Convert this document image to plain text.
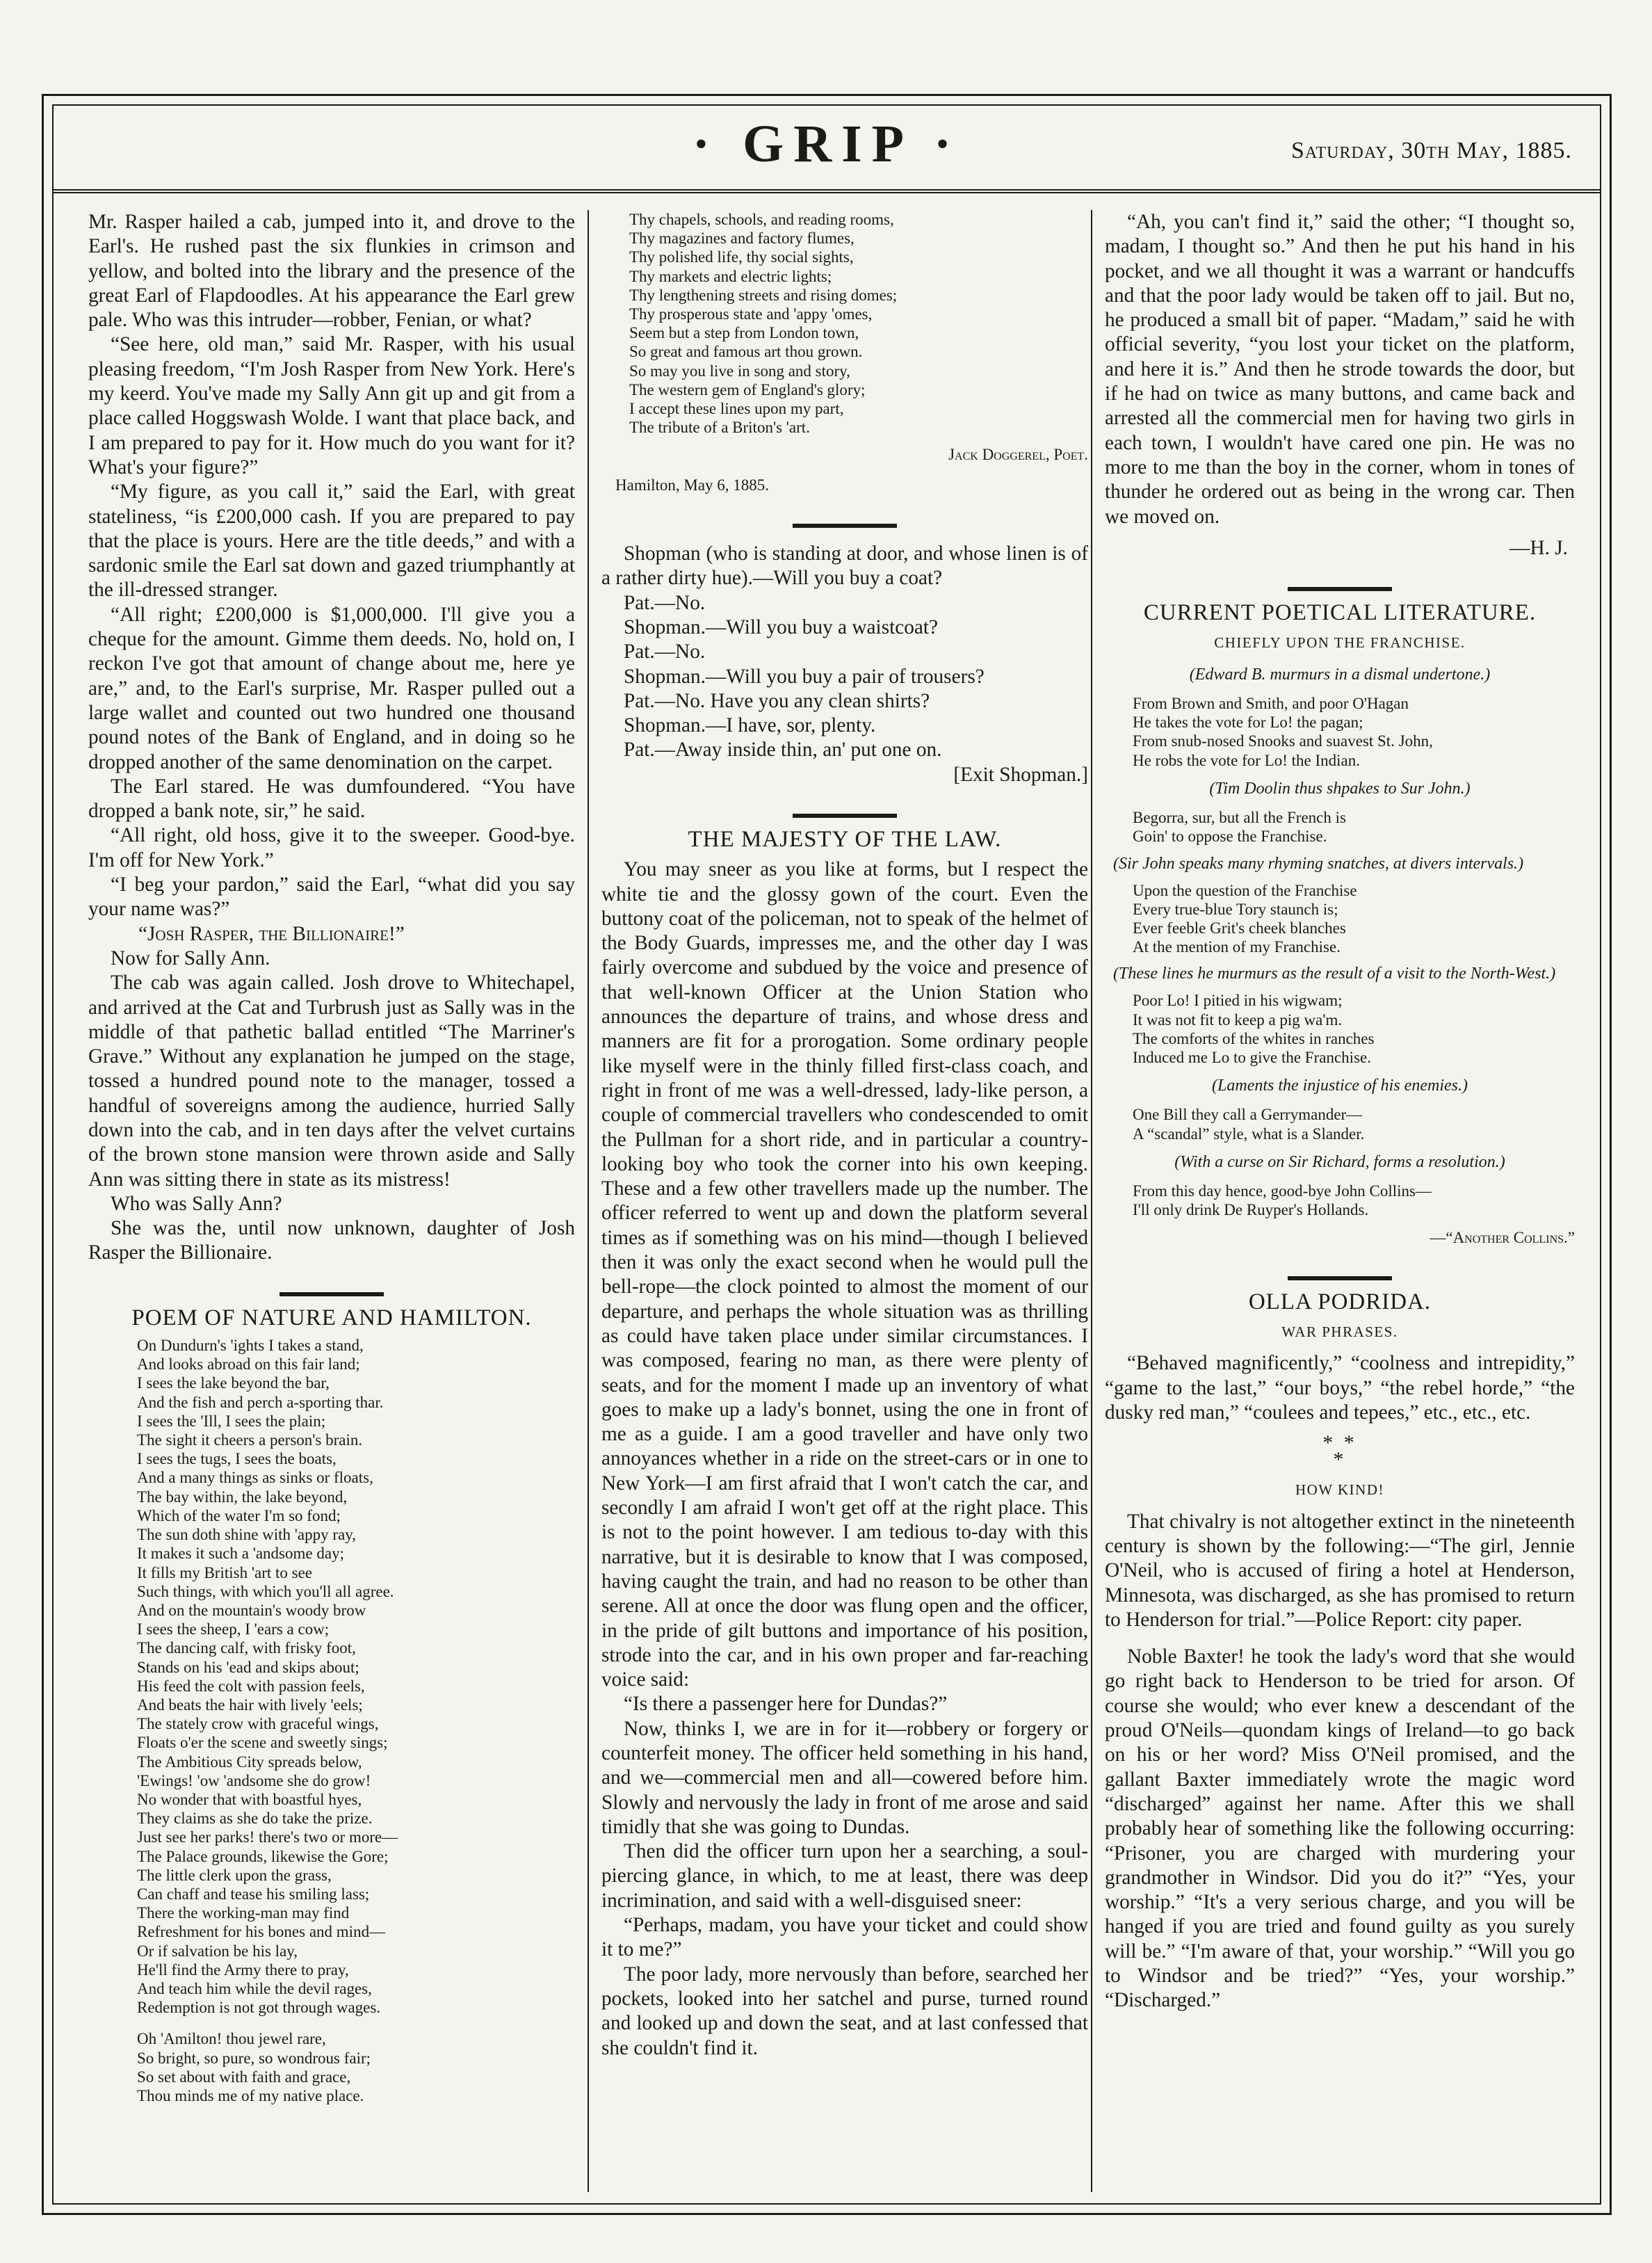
· GRIP ·	Saturday, 30th May, 1885.

Mr. Rasper hailed a cab, jumped into it, and drove to the Earl's. He rushed past the six flunkies in crimson and yellow, and bolted into the library and the presence of the great Earl of Flapdoodles. At his appearance the Earl grew pale. Who was this intruder—robber, Fenian, or what?

“See here, old man,” said Mr. Rasper, with his usual pleasing freedom, “I'm Josh Rasper from New York. Here's my keerd. You've made my Sally Ann git up and git from a place called Hoggswash Wolde. I want that place back, and I am prepared to pay for it. How much do you want for it? What's your figure?”

“My figure, as you call it,” said the Earl, with great stateliness, “is £200,000 cash. If you are prepared to pay that the place is yours. Here are the title deeds,” and with a sardonic smile the Earl sat down and gazed triumphantly at the ill-dressed stranger.

“All right; £200,000 is $1,000,000. I'll give you a cheque for the amount. Gimme them deeds. No, hold on, I reckon I've got that amount of change about me, here ye are,” and, to the Earl's surprise, Mr. Rasper pulled out a large wallet and counted out two hundred one thousand pound notes of the Bank of England, and in doing so he dropped another of the same denomination on the carpet.

The Earl stared. He was dumfoundered. “You have dropped a bank note, sir,” he said.

“All right, old hoss, give it to the sweeper. Good-bye. I'm off for New York.”

“I beg your pardon,” said the Earl, “what did you say your name was?”

“Josh Rasper, the Billionaire!”

Now for Sally Ann.

The cab was again called. Josh drove to Whitechapel, and arrived at the Cat and Turbrush just as Sally was in the middle of that pathetic ballad entitled “The Marriner's Grave.” Without any explanation he jumped on the stage, tossed a hundred pound note to the manager, tossed a handful of sovereigns among the audience, hurried Sally down into the cab, and in ten days after the velvet curtains of the brown stone mansion were thrown aside and Sally Ann was sitting there in state as its mistress!

Who was Sally Ann?

She was the, until now unknown, daughter of Josh Rasper the Billionaire.

POEM OF NATURE AND HAMILTON.
On Dundurn's 'ights I takes a stand,
And looks abroad on this fair land;
I sees the lake beyond the bar,
And the fish and perch a-sporting thar.
I sees the 'Ill, I sees the plain;
The sight it cheers a person's brain.
I sees the tugs, I sees the boats,
And a many things as sinks or floats,
The bay within, the lake beyond,
Which of the water I'm so fond;
The sun doth shine with 'appy ray,
It makes it such a 'andsome day;
It fills my British 'art to see
Such things, with which you'll all agree.
And on the mountain's woody brow
I sees the sheep, I 'ears a cow;
The dancing calf, with frisky foot,
Stands on his 'ead and skips about;
His feed the colt with passion feels,
And beats the hair with lively 'eels;
The stately crow with graceful wings,
Floats o'er the scene and sweetly sings;
The Ambitious City spreads below,
'Ewings! 'ow 'andsome she do grow!
No wonder that with boastful hyes,
They claims as she do take the prize.
Just see her parks! there's two or more—
The Palace grounds, likewise the Gore;
The little clerk upon the grass,
Can chaff and tease his smiling lass;
There the working-man may find
Refreshment for his bones and mind—
Or if salvation be his lay,
He'll find the Army there to pray,
And teach him while the devil rages,
Redemption is not got through wages.
Oh 'Amilton! thou jewel rare,
So bright, so pure, so wondrous fair;
So set about with faith and grace,
Thou minds me of my native place.
Thy chapels, schools, and reading rooms,
Thy magazines and factory flumes,
Thy polished life, thy social sights,
Thy markets and electric lights;
Thy lengthening streets and rising domes;
Thy prosperous state and 'appy 'omes,
Seem but a step from London town,
So great and famous art thou grown.
So may you live in song and story,
The western gem of England's glory;
I accept these lines upon my part,
The tribute of a Briton's 'art.
Jack Doggerel, Poet.
Hamilton, May 6, 1885.

Shopman (who is standing at door, and whose linen is of a rather dirty hue).—Will you buy a coat?

Pat.—No.

Shopman.—Will you buy a waistcoat?

Pat.—No.

Shopman.—Will you buy a pair of trousers?

Pat.—No. Have you any clean shirts?

Shopman.—I have, sor, plenty.

Pat.—Away inside thin, an' put one on.

[Exit Shopman.]

THE MAJESTY OF THE LAW.

You may sneer as you like at forms, but I respect the white tie and the glossy gown of the court. Even the buttony coat of the policeman, not to speak of the helmet of the Body Guards, impresses me, and the other day I was fairly overcome and subdued by the voice and presence of that well-known Officer at the Union Station who announces the departure of trains, and whose dress and manners are fit for a prorogation. Some ordinary people like myself were in the thinly filled first-class coach, and right in front of me was a well-dressed, lady-like person, a couple of commercial travellers who condescended to omit the Pullman for a short ride, and in particular a country-looking boy who took the corner into his own keeping. These and a few other travellers made up the number. The officer referred to went up and down the platform several times as if something was on his mind—though I believed then it was only the exact second when he would pull the bell-rope—the clock pointed to almost the moment of our departure, and perhaps the whole situation was as thrilling as could have taken place under similar circumstances. I was composed, fearing no man, as there were plenty of seats, and for the moment I made up an inventory of what goes to make up a lady's bonnet, using the one in front of me as a guide. I am a good traveller and have only two annoyances whether in a ride on the street-cars or in one to New York—I am first afraid that I won't catch the car, and secondly I am afraid I won't get off at the right place. This is not to the point however. I am tedious to-day with this narrative, but it is desirable to know that I was composed, having caught the train, and had no reason to be other than serene. All at once the door was flung open and the officer, in the pride of gilt buttons and importance of his position, strode into the car, and in his own proper and far-reaching voice said:

“Is there a passenger here for Dundas?”

Now, thinks I, we are in for it—robbery or forgery or counterfeit money. The officer held something in his hand, and we—commercial men and all—cowered before him. Slowly and nervously the lady in front of me arose and said timidly that she was going to Dundas.

Then did the officer turn upon her a searching, a soul-piercing glance, in which, to me at least, there was deep incrimination, and said with a well-disguised sneer:

“Perhaps, madam, you have your ticket and could show it to me?”

The poor lady, more nervously than before, searched her pockets, looked into her satchel and purse, turned round and looked up and down the seat, and at last confessed that she couldn't find it.

“Ah, you can't find it,” said the other; “I thought so, madam, I thought so.” And then he put his hand in his pocket, and we all thought it was a warrant or handcuffs and that the poor lady would be taken off to jail. But no, he produced a small bit of paper. “Madam,” said he with official severity, “you lost your ticket on the platform, and here it is.” And then he strode towards the door, but if he had on twice as many buttons, and came back and arrested all the commercial men for having two girls in each town, I wouldn't have cared one pin. He was no more to me than the boy in the corner, whom in tones of thunder he ordered out as being in the wrong car. Then we moved on.

—H. J.

CURRENT POETICAL LITERATURE.
CHIEFLY UPON THE FRANCHISE.

(Edward B. murmurs in a dismal undertone.)

From Brown and Smith, and poor O'Hagan
He takes the vote for Lo! the pagan;
From snub-nosed Snooks and suavest St. John,
He robs the vote for Lo! the Indian.

(Tim Doolin thus shpakes to Sur John.)

Begorra, sur, but all the French is
Goin' to oppose the Franchise.

(Sir John speaks many rhyming snatches, at divers intervals.)

Upon the question of the Franchise
Every true-blue Tory staunch is;
Ever feeble Grit's cheek blanches
At the mention of my Franchise.

(These lines he murmurs as the result of a visit to the North-West.)

Poor Lo! I pitied in his wigwam;
It was not fit to keep a pig wa'm.
The comforts of the whites in ranches
Induced me Lo to give the Franchise.

(Laments the injustice of his enemies.)

One Bill they call a Gerrymander—
A “scandal” style, what is a Slander.

(With a curse on Sir Richard, forms a resolution.)

From this day hence, good-bye John Collins—
I'll only drink De Ruyper's Hollands.
—“Another Collins.”
OLLA PODRIDA.
WAR PHRASES.

“Behaved magnificently,” “coolness and intrepidity,” “game to the last,” “our boys,” “the rebel horde,” “the dusky red man,” “coulees and tepees,” etc., etc., etc.

* *
*
HOW KIND!

That chivalry is not altogether extinct in the nineteenth century is shown by the following:—“The girl, Jennie O'Neil, who is accused of firing a hotel at Henderson, Minnesota, was discharged, as she has promised to return to Henderson for trial.”—Police Report: city paper.

Noble Baxter! he took the lady's word that she would go right back to Henderson to be tried for arson. Of course she would; who ever knew a descendant of the proud O'Neils—quondam kings of Ireland—to go back on his or her word? Miss O'Neil promised, and the gallant Baxter immediately wrote the magic word “discharged” against her name. After this we shall probably hear of something like the following occurring: “Prisoner, you are charged with murdering your grandmother in Windsor. Did you do it?” “Yes, your worship.” “It's a very serious charge, and you will be hanged if you are tried and found guilty as you surely will be.” “I'm aware of that, your worship.” “Will you go to Windsor and be tried?” “Yes, your worship.” “Discharged.”
